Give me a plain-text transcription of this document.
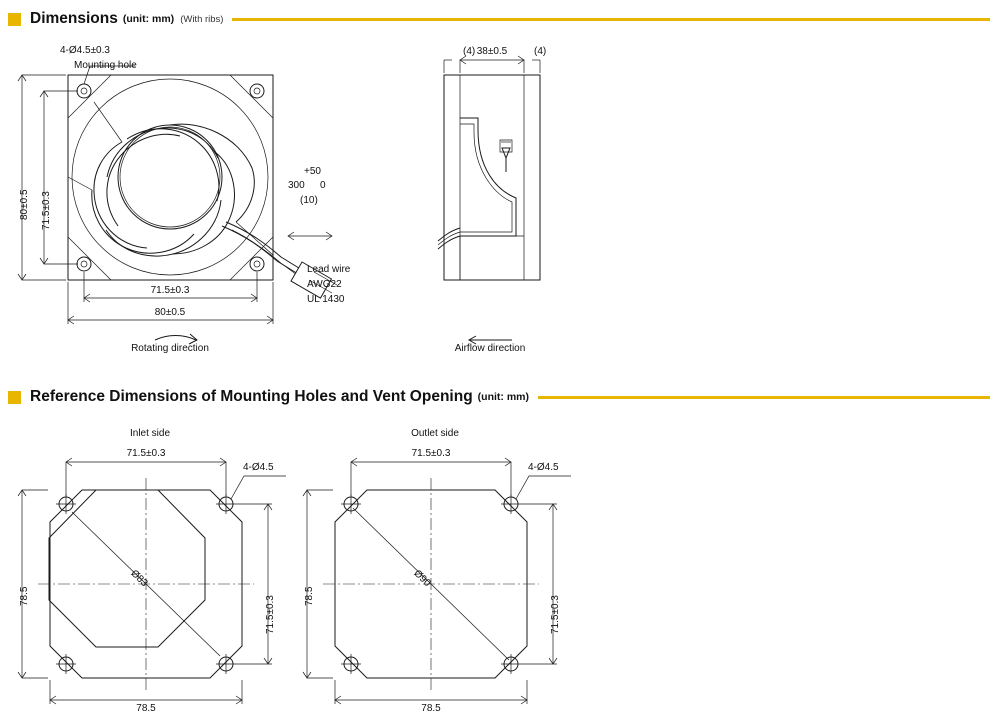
Dimensions (unit: mm) (With ribs)
4-Ø4.5±0.3
Mounting hole
80±0.5 71.5±0.3
71.5±0.3
80±0.5
Rotating direction
+50
300 0
(10)
Lead wire
AWG22
UL 1430
(4) 38±0.5	(4)
Airflow direction
Reference Dimensions of Mounting Holes and Vent Opening (unit: mm)
Inlet side
71.5±0.3
4-Ø4.5
78.5	71.5±0.3
Ø83
78.5
Outlet side
71.5±0.3
4-Ø4.5
78.5	71.5±0.3
Ø90
78.5
